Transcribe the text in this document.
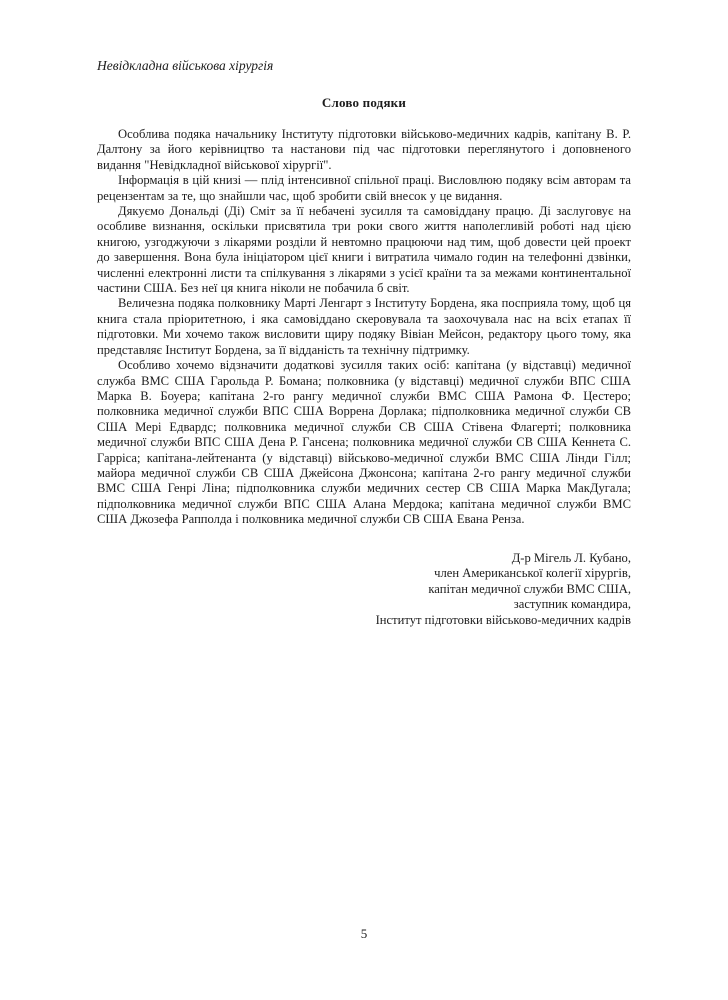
Невідкладна військова хірургія
Слово подяки

Особлива подяка начальнику Інституту підготовки військово-медичних кадрів, капітану В. Р. Далтону за його керівництво та настанови під час підготовки переглянутого і доповненого видання "Невідкладної військової хірургії".

Інформація в цій книзі — плід інтенсивної спільної праці. Висловлюю подяку всім авторам та рецензентам за те, що знайшли час, щоб зробити свій внесок у це видання.

Дякуємо Дональді (Ді) Сміт за її небачені зусилля та самовіддану працю. Ді заслуговує на особливе визнання, оскільки присвятила три роки свого життя наполегливій роботі над цією книгою, узгоджуючи з лікарями розділи й невтомно працюючи над тим, щоб довести цей проект до завершення. Вона була ініціатором цієї книги і витратила чимало годин на телефонні дзвінки, численні електронні листи та спілкування з лікарями з усієї країни та за межами континентальної частини США. Без неї ця книга ніколи не побачила б світ.

Величезна подяка полковнику Марті Ленгарт з Інституту Бордена, яка посприяла тому, щоб ця книга стала пріоритетною, і яка самовіддано скеровувала та заохочувала нас на всіх етапах її підготовки. Ми хочемо також висловити щиру подяку Вівіан Мейсон, редактору цього тому, яка представляє Інститут Бордена, за її відданість та технічну підтримку.

Особливо хочемо відзначити додаткові зусилля таких осіб: капітана (у відставці) медичної служба ВМС США Гарольда Р. Бомана; полковника (у відставці) медичної служби ВПС США Марка В. Боуера; капітана 2-го рангу медичної служби ВМС США Рамона Ф. Цестеро; полковника медичної служби ВПС США Воррена Дорлака; підполковника медичної служби СВ США Мері Едвардс; полковника медичної служби СВ США Стівена Флагерті; полковника медичної служби ВПС США Дена Р. Гансена; полковника медичної служби СВ США Кеннета С. Гарріса; капітана-лейтенанта (у відставці) військово-медичної служби ВМС США Лінди Гілл; майора медичної служби СВ США Джейсона Джонсона; капітана 2-го рангу медичної служби ВМС США Генрі Ліна; підполковника служби медичних сестер СВ США Марка МакДугала; підполковника медичної служби ВПС США Алана Мердока; капітана медичної служби ВМС США Джозефа Рапполда і полковника медичної служби СВ США Евана Ренза.

Д-р Мігель Л. Кубано,
член Американської колегії хірургів,
капітан медичної служби ВМС США,
заступник командира,
Інститут підготовки військово-медичних кадрів
5
